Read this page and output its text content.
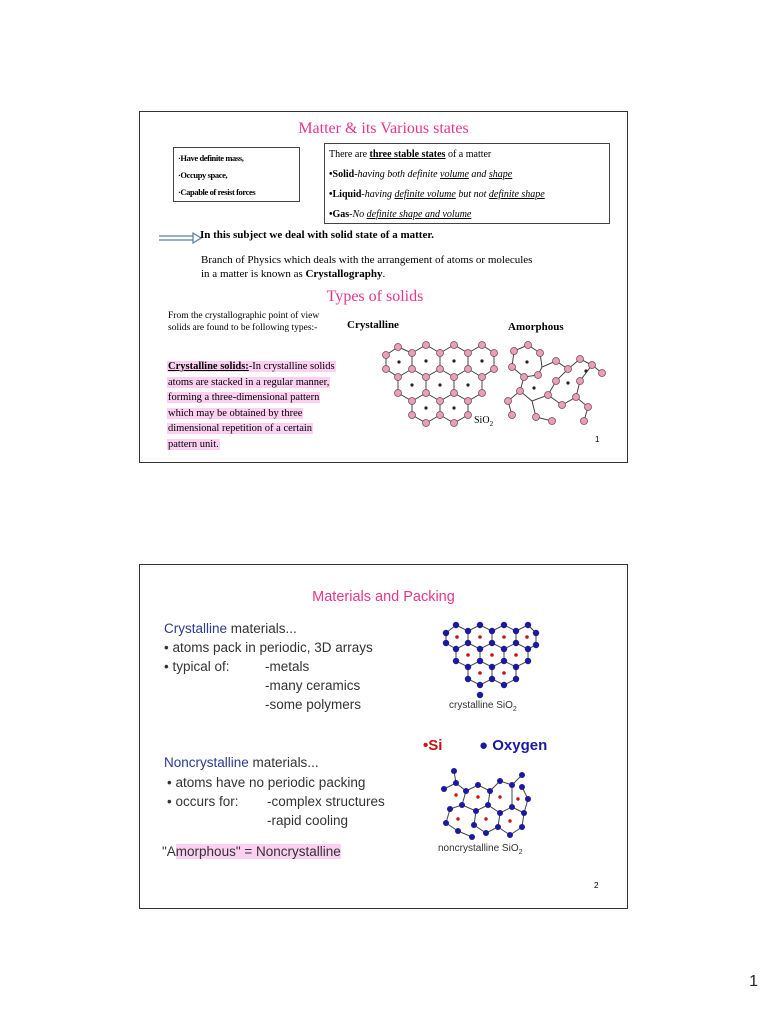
Matter & its Various states
·Have definite mass,
·Occupy space,
·Capable of resist forces
There are three stable states of a matter
•Solid-having both definite volume and shape
•Liquid-having definite volume but not definite shape
•Gas-No definite shape and volume
In this subject we deal with solid state of a matter.
Branch of Physics which deals with the arrangement of atoms or molecules in a matter is known as Crystallography.
Types of solids
From the crystallographic point of view solids are found to be following types:-
Crystalline solids:-In crystalline solids atoms are stacked in a regular manner, forming a three-dimensional pattern which may be obtained by three dimensional repetition of a certain pattern unit.
Crystalline	Amorphous
SiO$_2$
1
Materials and Packing
Crystalline materials...
• atoms pack in periodic, 3D arrays
• typical of:	-metals
-many ceramics
-some polymers	crystalline SiO$_2$
•Si ● Oxygen
Noncrystalline materials...
• atoms have no periodic packing
• occurs for: -complex structures
-rapid cooling
noncrystalline SiO$_2$
"Amorphous" = Noncrystalline
2
1
